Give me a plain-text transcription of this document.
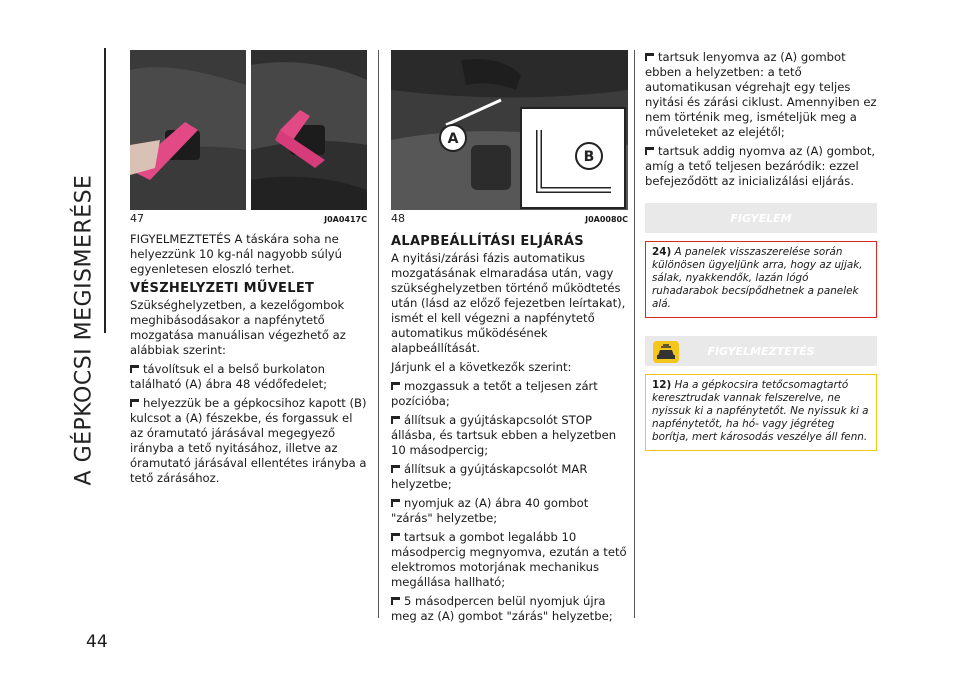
A GÉPKOCSI MEGISMERÉSE
44
47	J0A0417C

FIGYELMEZTETÉS A táskára soha ne helyezzünk 10 kg-nál nagyobb súlyú egyenletesen eloszló terhet.

VÉSZHELYZETI MŰVELET

Szükséghelyzetben, a kezelőgombok meghibásodásakor a napfénytető mozgatása manuálisan végezhető az alábbiak szerint:

távolítsuk el a belső burkolaton található (A) ábra 48 védőfedelet;

helyezzük be a gépkocsihoz kapott (B) kulcsot a (A) fészekbe, és forgassuk el az óramutató járásával megegyező irányba a tető nyitásához, illetve az óramutató járásával ellentétes irányba a tető zárásához.

A
B
48	J0A0080C
ALAPBEÁLLÍTÁSI ELJÁRÁS

A nyitási/zárási fázis automatikus mozgatásának elmaradása után, vagy szükséghelyzetben történő működtetés után (lásd az előző fejezetben leírtakat), ismét el kell végezni a napfénytető automatikus működésének alapbeállítását.

Járjunk el a következők szerint:

mozgassuk a tetőt a teljesen zárt pozícióba;

állítsuk a gyújtáskapcsolót STOP állásba, és tartsuk ebben a helyzetben 10 másodpercig;

állítsuk a gyújtáskapcsolót MAR helyzetbe;

nyomjuk az (A) ábra 40 gombot "zárás" helyzetbe;

tartsuk a gombot legalább 10 másodpercig megnyomva, ezután a tető elektromos motorjának mechanikus megállása hallható;

5 másodpercen belül nyomjuk újra meg az (A) gombot "zárás" helyzetbe;

tartsuk lenyomva az (A) gombot ebben a helyzetben: a tető automatikusan végrehajt egy teljes nyitási és zárási ciklust. Amennyiben ez nem történik meg, ismételjük meg a műveleteket az elejétől;

tartsuk addig nyomva az (A) gombot, amíg a tető teljesen bezáródik: ezzel befejeződött az inicializálási eljárás.

FIGYELEM

24) A panelek visszaszerelése során különösen ügyeljünk arra, hogy az ujjak, sálak, nyakkendők, lazán lógó ruhadarabok becsípődhetnek a panelek alá.

FIGYELMEZTETÉS

12) Ha a gépkocsira tetőcsomagtartó keresztrudak vannak felszerelve, ne nyissuk ki a napfénytetőt. Ne nyissuk ki a napfénytetőt, ha hó- vagy jégréteg borítja, mert károsodás veszélye áll fenn.
